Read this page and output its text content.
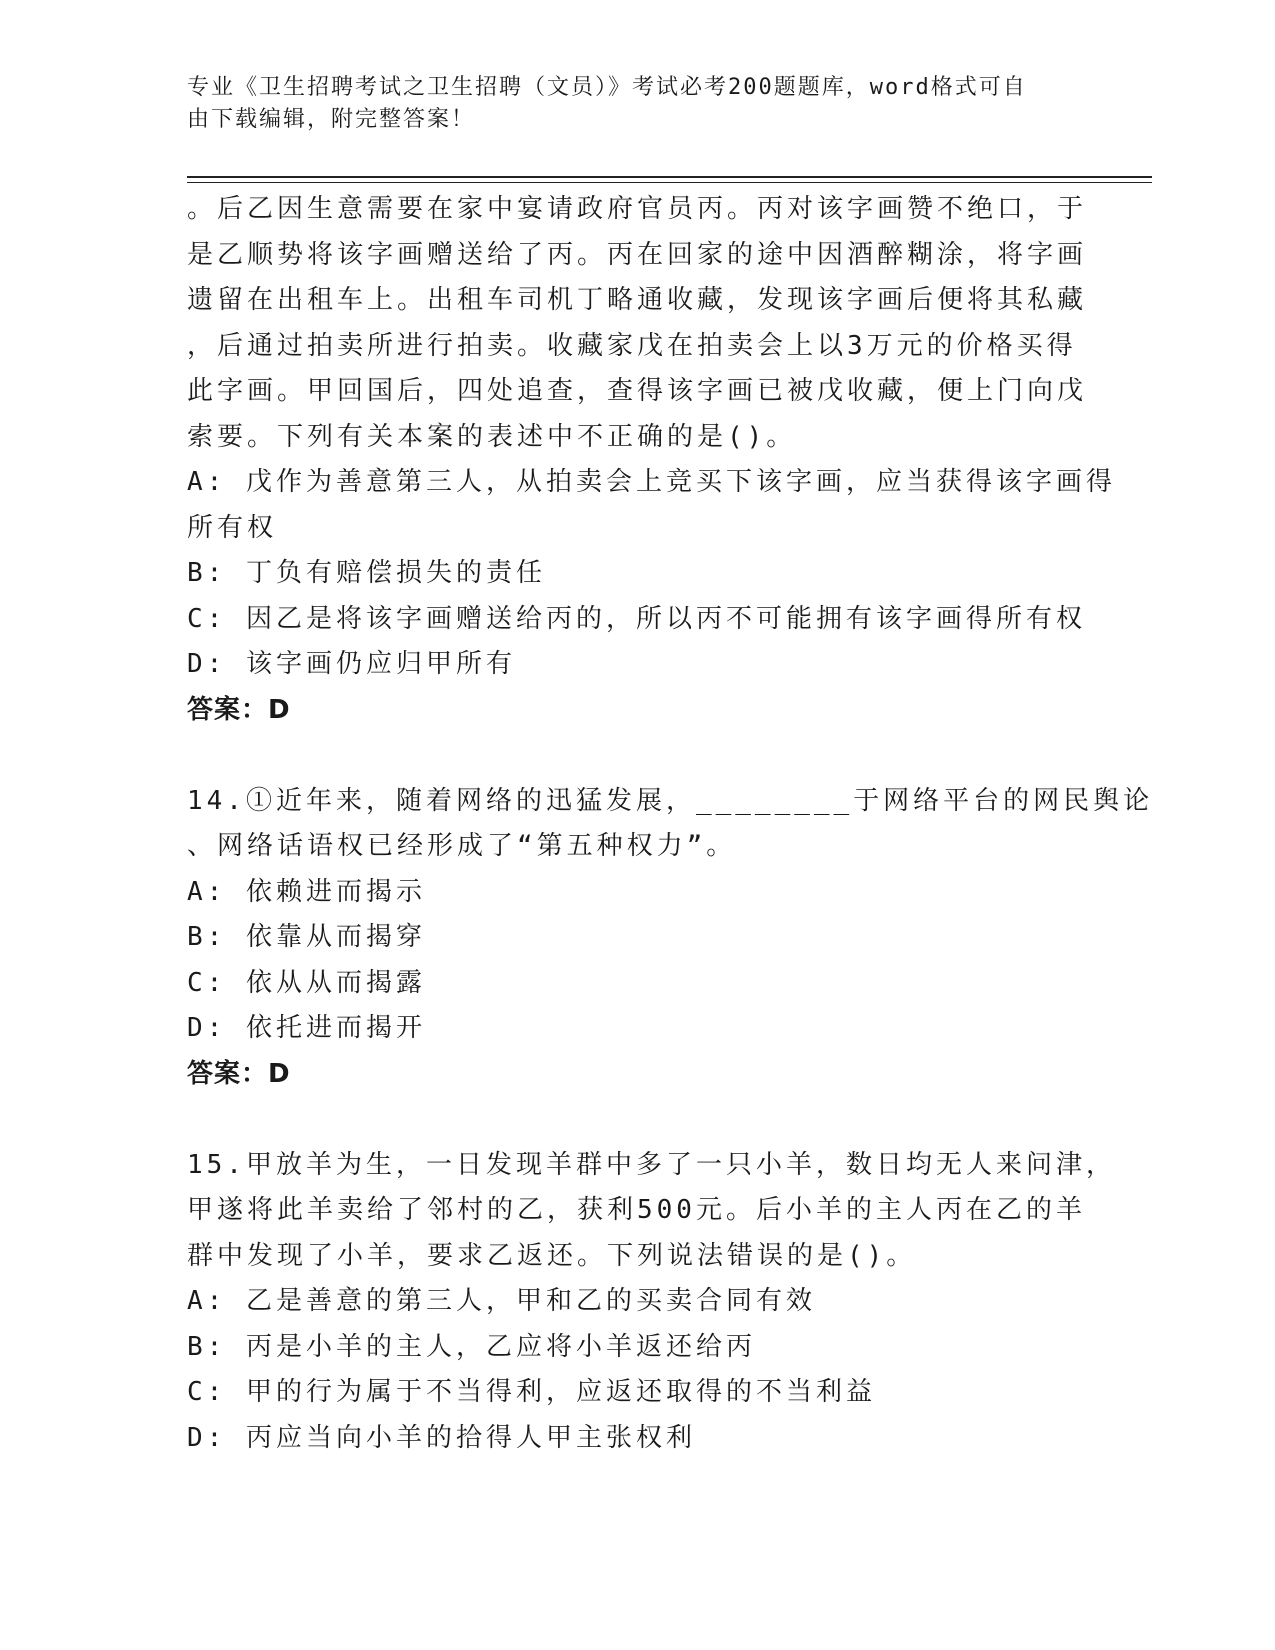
专业《卫生招聘考试之卫生招聘（文员）》考试必考200题题库，word格式可自
由下载编辑，附完整答案！
。后乙因生意需要在家中宴请政府官员丙。丙对该字画赞不绝口，于
是乙顺势将该字画赠送给了丙。丙在回家的途中因酒醉糊涂，将字画
遗留在出租车上。出租车司机丁略通收藏，发现该字画后便将其私藏
，后通过拍卖所进行拍卖。收藏家戊在拍卖会上以3万元的价格买得
此字画。甲回国后，四处追查，查得该字画已被戊收藏，便上门向戊
索要。下列有关本案的表述中不正确的是()。
A: 戊作为善意第三人，从拍卖会上竞买下该字画，应当获得该字画得
所有权
B: 丁负有赔偿损失的责任
C: 因乙是将该字画赠送给丙的，所以丙不可能拥有该字画得所有权
D: 该字画仍应归甲所有
答案：D
14.①近年来，随着网络的迅猛发展，________于网络平台的网民舆论
、网络话语权已经形成了“第五种权力”。
A: 依赖进而揭示
B: 依靠从而揭穿
C: 依从从而揭露
D: 依托进而揭开
答案：D
15.甲放羊为生，一日发现羊群中多了一只小羊，数日均无人来问津，
甲遂将此羊卖给了邻村的乙，获利500元。后小羊的主人丙在乙的羊
群中发现了小羊，要求乙返还。下列说法错误的是()。
A: 乙是善意的第三人，甲和乙的买卖合同有效
B: 丙是小羊的主人，乙应将小羊返还给丙
C: 甲的行为属于不当得利，应返还取得的不当利益
D: 丙应当向小羊的拾得人甲主张权利
